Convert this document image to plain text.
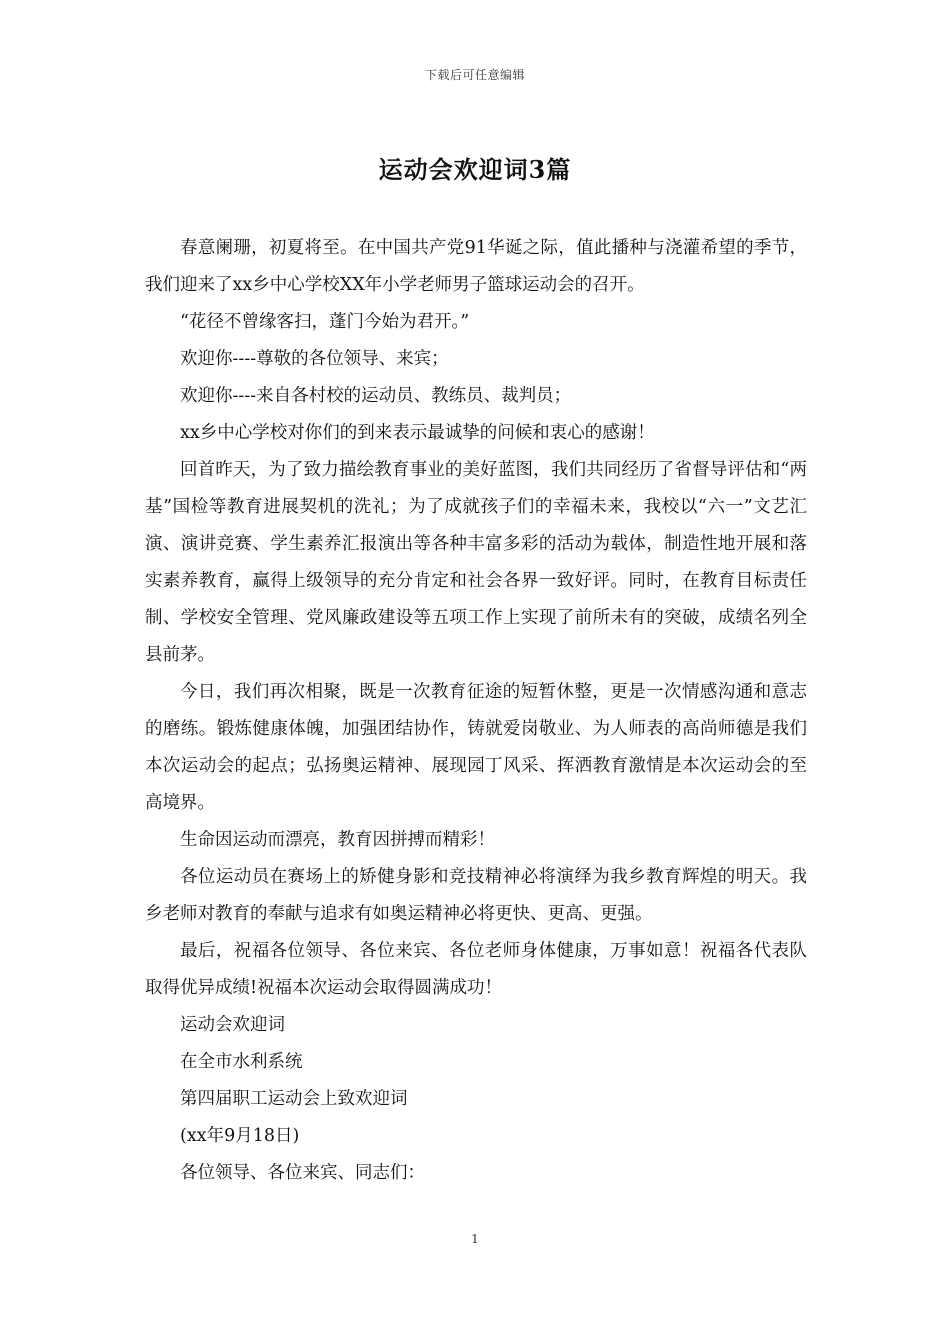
下载后可任意编辑
运动会欢迎词3篇

春意阑珊，初夏将至。在中国共产党91华诞之际，值此播种与浇灌希望的季节，我们迎来了xx乡中心学校XX年小学老师男子篮球运动会的召开。

“花径不曾缘客扫，蓬门今始为君开。”

欢迎你----尊敬的各位领导、来宾；

欢迎你----来自各村校的运动员、教练员、裁判员；

xx乡中心学校对你们的到来表示最诚挚的问候和衷心的感谢！

回首昨天，为了致力描绘教育事业的美好蓝图，我们共同经历了省督导评估和“两基”国检等教育进展契机的洗礼；为了成就孩子们的幸福未来，我校以“六一”文艺汇演、演讲竞赛、学生素养汇报演出等各种丰富多彩的活动为载体，制造性地开展和落实素养教育，赢得上级领导的充分肯定和社会各界一致好评。同时，在教育目标责任制、学校安全管理、党风廉政建设等五项工作上实现了前所未有的突破，成绩名列全县前茅。

今日，我们再次相聚，既是一次教育征途的短暂休整，更是一次情感沟通和意志的磨练。锻炼健康体魄，加强团结协作，铸就爱岗敬业、为人师表的高尚师德是我们本次运动会的起点；弘扬奥运精神、展现园丁风采、挥洒教育激情是本次运动会的至高境界。

生命因运动而漂亮，教育因拼搏而精彩！

各位运动员在赛场上的矫健身影和竞技精神必将演绎为我乡教育辉煌的明天。我乡老师对教育的奉献与追求有如奥运精神必将更快、更高、更强。

最后，祝福各位领导、各位来宾、各位老师身体健康，万事如意！祝福各代表队取得优异成绩!祝福本次运动会取得圆满成功！

运动会欢迎词

在全市水利系统

第四届职工运动会上致欢迎词

(xx年9月18日)

各位领导、各位来宾、同志们：

1
